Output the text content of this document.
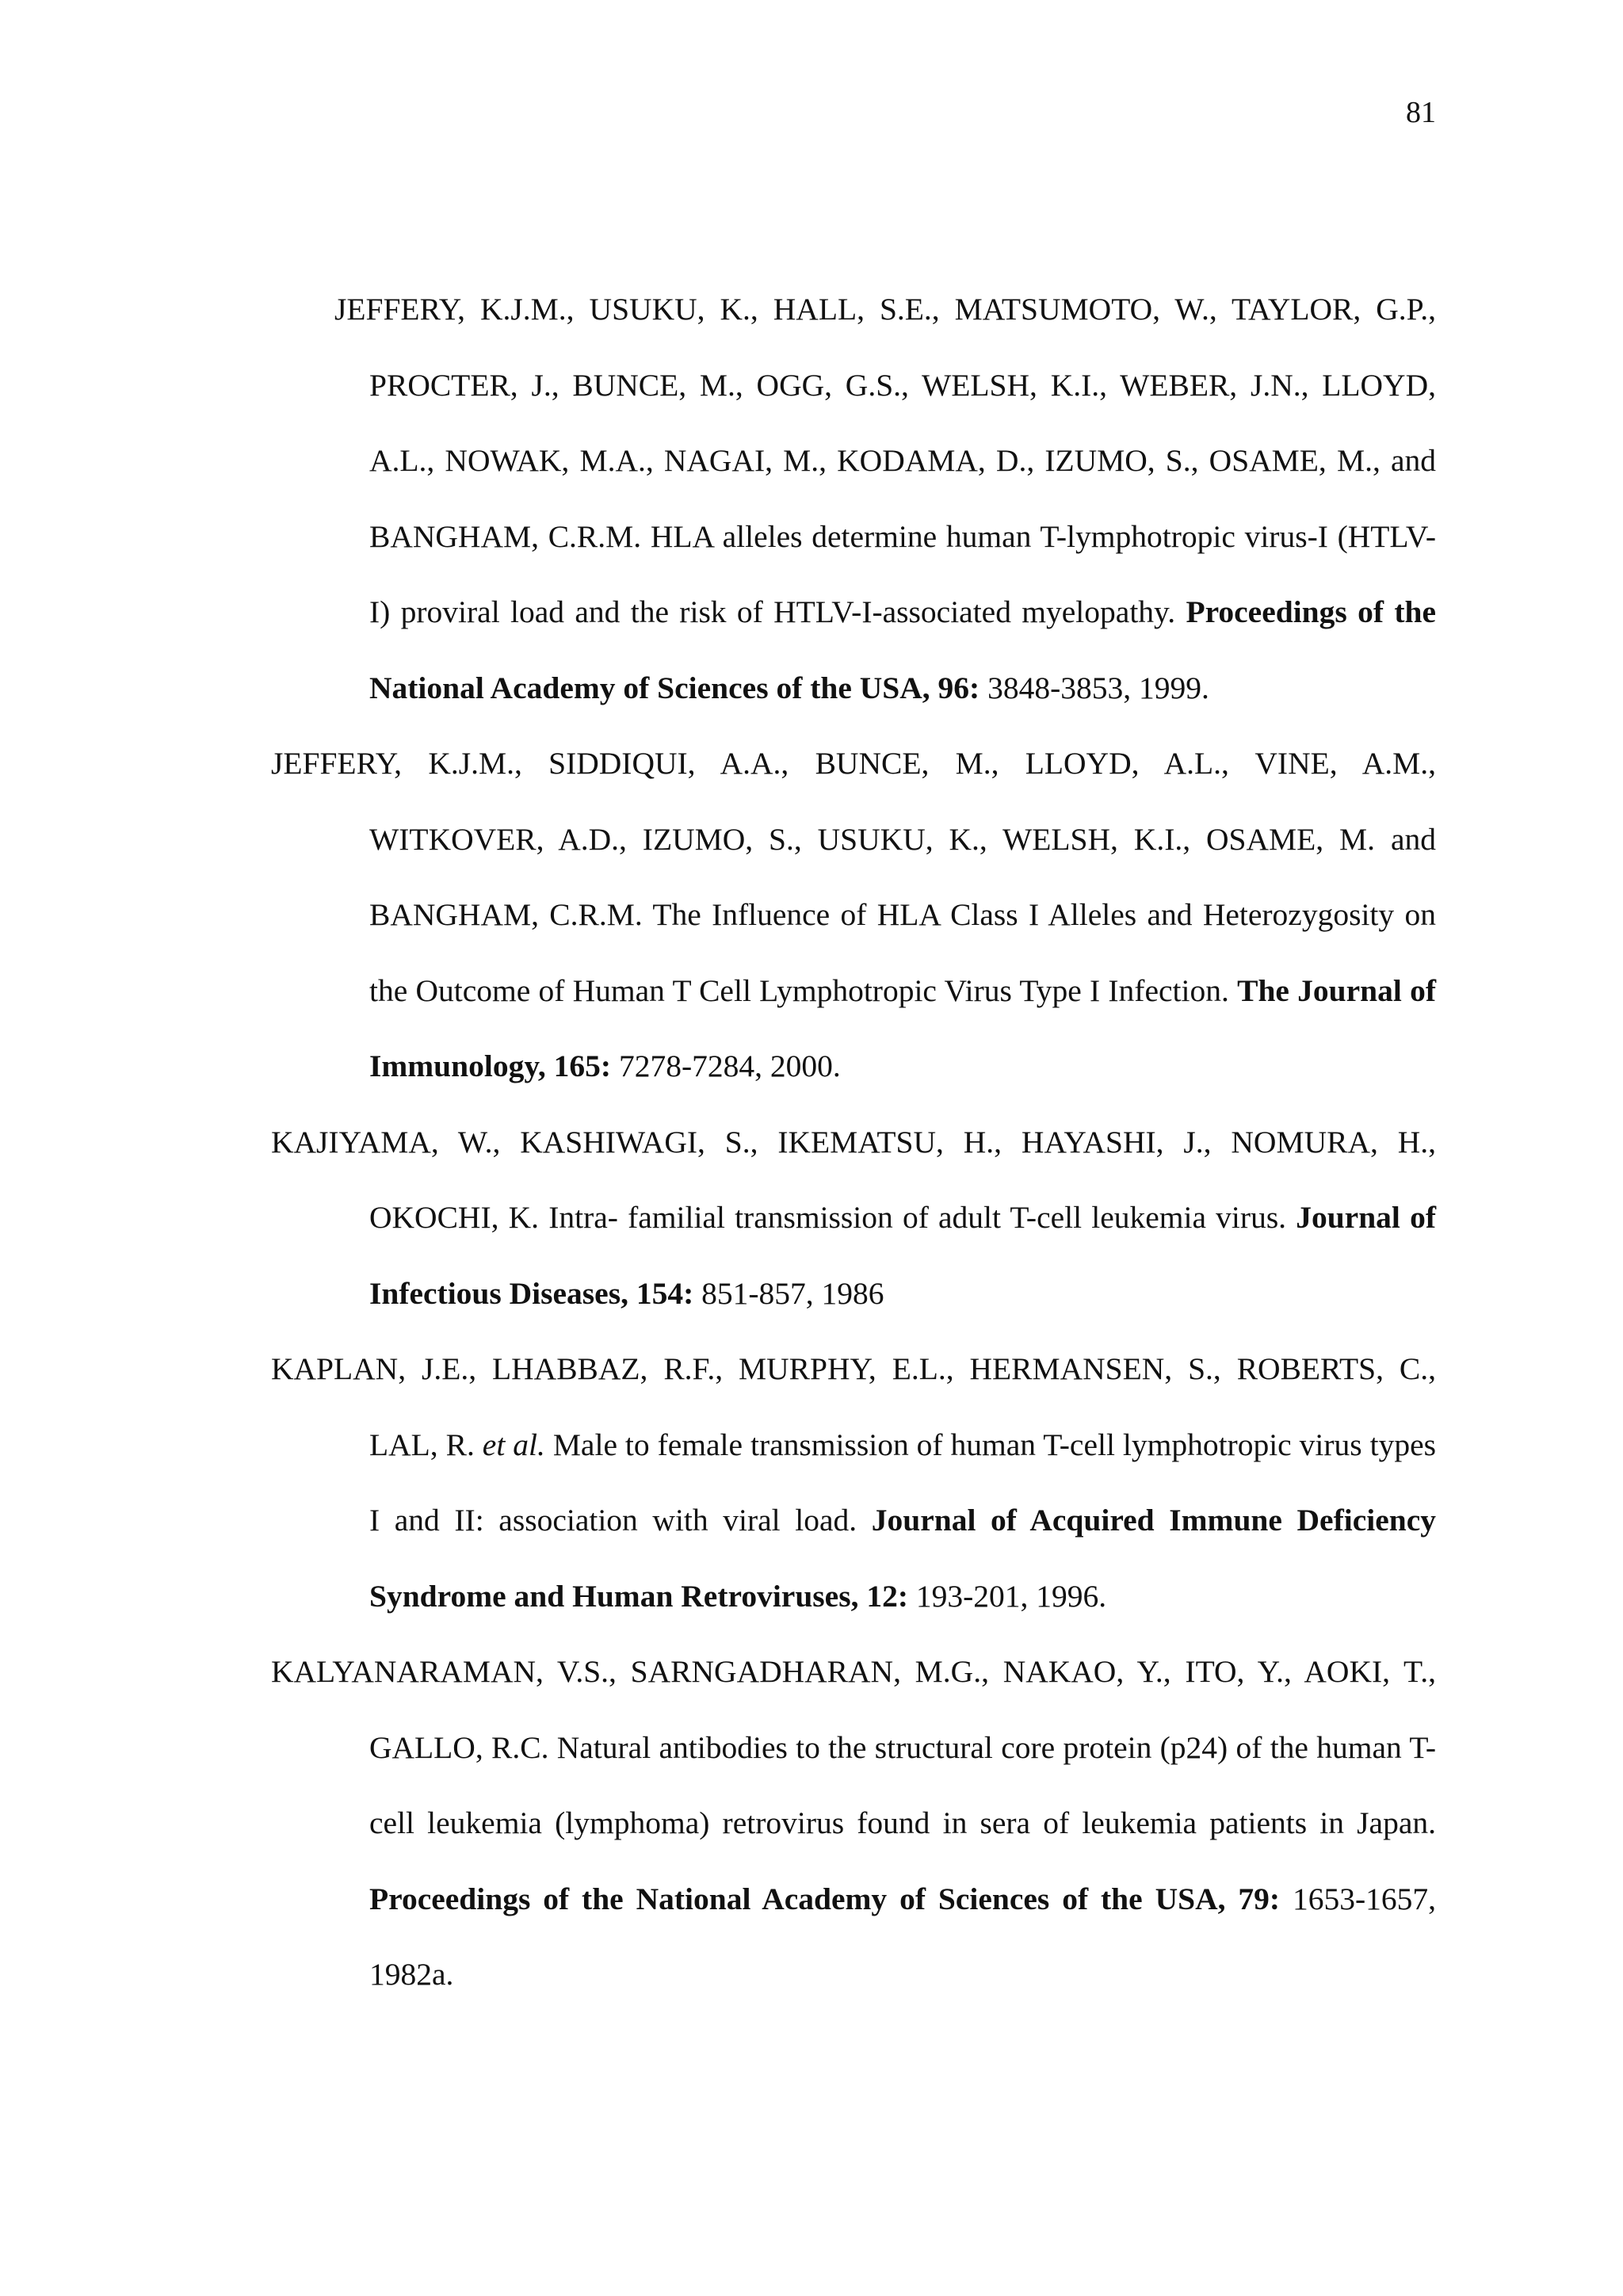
81
JEFFERY, K.J.M., USUKU, K., HALL, S.E., MATSUMOTO, W., TAYLOR, G.P., PROCTER, J., BUNCE, M., OGG, G.S., WELSH, K.I., WEBER, J.N., LLOYD, A.L., NOWAK, M.A., NAGAI, M., KODAMA, D., IZUMO, S., OSAME, M., and BANGHAM, C.R.M. HLA alleles determine human T-lymphotropic virus-I (HTLV-I) proviral load and the risk of HTLV-I-associated myelopathy. Proceedings of the National Academy of Sciences of the USA, 96: 3848-3853, 1999.
JEFFERY, K.J.M., SIDDIQUI, A.A., BUNCE, M., LLOYD, A.L., VINE, A.M., WITKOVER, A.D., IZUMO, S., USUKU, K., WELSH, K.I., OSAME, M. and BANGHAM, C.R.M. The Influence of HLA Class I Alleles and Heterozygosity on the Outcome of Human T Cell Lymphotropic Virus Type I Infection. The Journal of Immunology, 165: 7278-7284, 2000.
KAJIYAMA, W., KASHIWAGI, S., IKEMATSU, H., HAYASHI, J., NOMURA, H., OKOCHI, K. Intra- familial transmission of adult T-cell leukemia virus. Journal of Infectious Diseases, 154: 851-857, 1986
KAPLAN, J.E., LHABBAZ, R.F., MURPHY, E.L., HERMANSEN, S., ROBERTS, C., LAL, R. et al. Male to female transmission of human T-cell lymphotropic virus types I and II: association with viral load. Journal of Acquired Immune Deficiency Syndrome and Human Retroviruses, 12: 193-201, 1996.
KALYANARAMAN, V.S., SARNGADHARAN, M.G., NAKAO, Y., ITO, Y., AOKI, T., GALLO, R.C. Natural antibodies to the structural core protein (p24) of the human T-cell leukemia (lymphoma) retrovirus found in sera of leukemia patients in Japan. Proceedings of the National Academy of Sciences of the USA, 79: 1653-1657, 1982a.
